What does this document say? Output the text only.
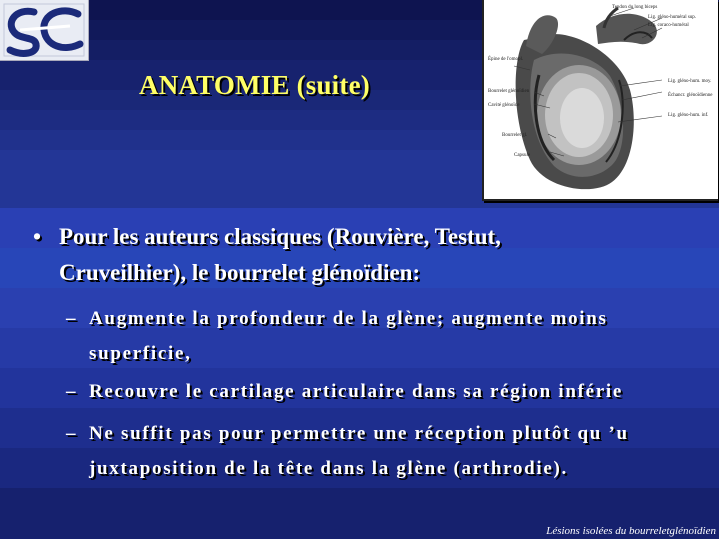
ANATOMIE (suite)
Tendon du long biceps
Lig. gléno-huméral sup.
Lig. coraco-huméral
Épine de l'omopl.
Lig. gléno-hum. moy.
Échancr. glénoïdienne
Bourrelet glénoïdien
Cavité glénoïde
Lig. gléno-hum. inf.
Bourrelet gl.
Capsule
• Pour les auteurs classiques (Rouvière, Testut,
Cruveilhier), le bourrelet glénoïdien:
– Augmente la profondeur de la glène; augmente moins
superficie,
– Recouvre le cartilage articulaire dans sa région inférie
– Ne suffit pas pour permettre une réception plutôt qu ’u
juxtaposition de la tête dans la glène (arthrodie).
Lésions isolées du bourreletglénoïdien
